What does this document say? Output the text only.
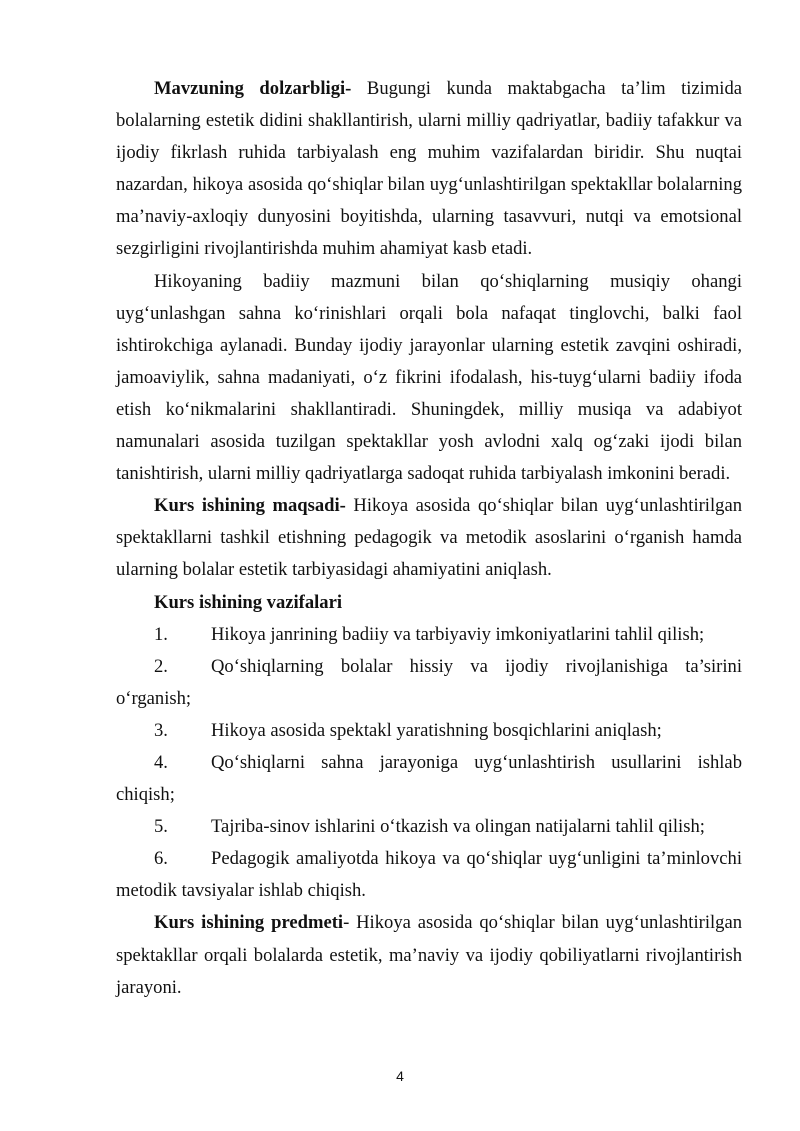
Mavzuning dolzarbligi- Bugungi kunda maktabgacha ta’lim tizimida bolalarning estetik didini shakllantirish, ularni milliy qadriyatlar, badiiy tafakkur va ijodiy fikrlash ruhida tarbiyalash eng muhim vazifalardan biridir. Shu nuqtai nazardan, hikoya asosida qo‘shiqlar bilan uyg‘unlashtirilgan spektakllar bolalarning ma’naviy-axloqiy dunyosini boyitishda, ularning tasavvuri, nutqi va emotsional sezgirligini rivojlantirishda muhim ahamiyat kasb etadi.

Hikoyaning badiiy mazmuni bilan qo‘shiqlarning musiqiy ohangi uyg‘unlashgan sahna ko‘rinishlari orqali bola nafaqat tinglovchi, balki faol ishtirokchiga aylanadi. Bunday ijodiy jarayonlar ularning estetik zavqini oshiradi, jamoaviylik, sahna madaniyati, o‘z fikrini ifodalash, his-tuyg‘ularni badiiy ifoda etish ko‘nikmalarini shakllantiradi. Shuningdek, milliy musiqa va adabiyot namunalari asosida tuzilgan spektakllar yosh avlodni xalq og‘zaki ijodi bilan tanishtirish, ularni milliy qadriyatlarga sadoqat ruhida tarbiyalash imkonini beradi.

Kurs ishining maqsadi- Hikoya asosida qo‘shiqlar bilan uyg‘unlashtirilgan spektakllarni tashkil etishning pedagogik va metodik asoslarini o‘rganish hamda ularning bolalar estetik tarbiyasidagi ahamiyatini aniqlash.

Kurs ishining vazifalari

1. Hikoya janrining badiiy va tarbiyaviy imkoniyatlarini tahlil qilish;

2. Qo‘shiqlarning bolalar hissiy va ijodiy rivojlanishiga ta’sirini o‘rganish;

3. Hikoya asosida spektakl yaratishning bosqichlarini aniqlash;

4. Qo‘shiqlarni sahna jarayoniga uyg‘unlashtirish usullarini ishlab chiqish;

5. Tajriba-sinov ishlarini o‘tkazish va olingan natijalarni tahlil qilish;

6. Pedagogik amaliyotda hikoya va qo‘shiqlar uyg‘unligini ta’minlovchi metodik tavsiyalar ishlab chiqish.

Kurs ishining predmeti- Hikoya asosida qo‘shiqlar bilan uyg‘unlashtirilgan spektakllar orqali bolalarda estetik, ma’naviy va ijodiy qobiliyatlarni rivojlantirish jarayoni.

4
